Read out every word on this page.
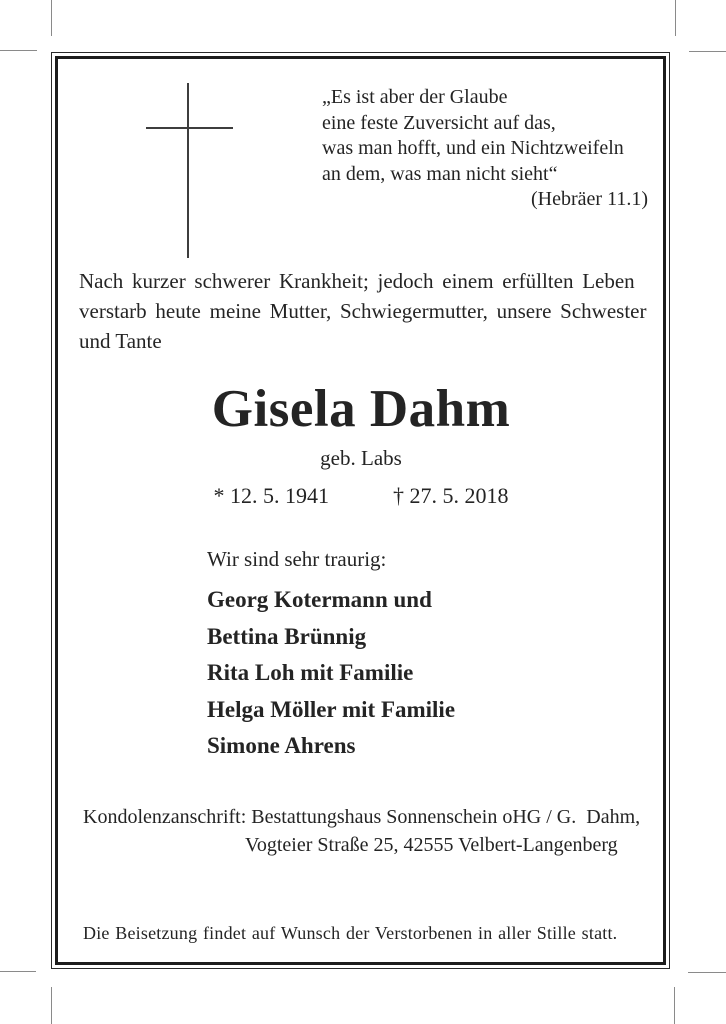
„Es ist aber der Glaube
eine feste Zuversicht auf das,
was man hofft, und ein Nichtzweifeln
an dem, was man nicht sieht“
(Hebräer 11.1)
Nach kurzer schwerer Krankheit; jedoch einem erfüllten Leben
verstarb heute meine Mutter, Schwiegermutter, unsere Schwester
und Tante
Gisela Dahm
geb. Labs
* 12. 5. 1941	† 27. 5. 2018
Wir sind sehr traurig:
Georg Kotermann und
Bettina Brünnig
Rita Loh mit Familie
Helga Möller mit Familie
Simone Ahrens
Kondolenzanschrift: Bestattungshaus Sonnenschein oHG / G.  Dahm,
Vogteier Straße 25, 42555 Velbert-Langenberg
Die Beisetzung findet auf Wunsch der Verstorbenen in aller Stille statt.
